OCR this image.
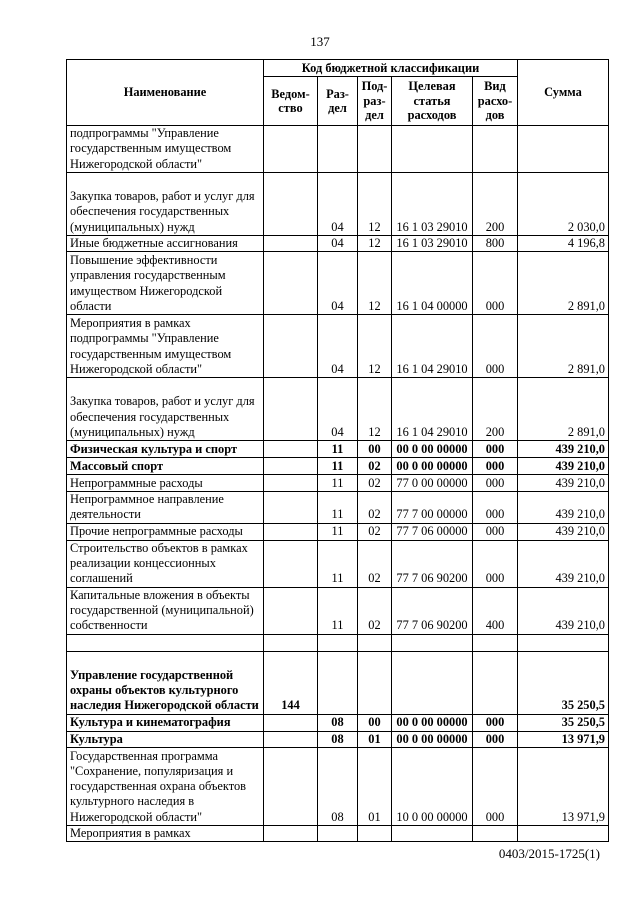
137
Наименование	Код бюджетной классификации					Сумма
	Ведом-ство	Раз-дел	Под-раз-дел	Целевая статья расходов	Вид расхо-дов	
подпрограммы "Управление государственным имуществом Нижегородской области"						
Закупка товаров, работ и услуг для обеспечения государственных (муниципальных) нужд		04	12	16 1 03 29010	200	2 030,0
Иные бюджетные ассигнования		04	12	16 1 03 29010	800	4 196,8
Повышение эффективности управления государственным имуществом Нижегородской области		04	12	16 1 04 00000	000	2 891,0
Мероприятия в рамках подпрограммы "Управление государственным имуществом Нижегородской области"		04	12	16 1 04 29010	000	2 891,0
Закупка товаров, работ и услуг для обеспечения государственных (муниципальных) нужд		04	12	16 1 04 29010	200	2 891,0
Физическая культура и спорт		11	00	00 0 00 00000	000	439 210,0
Массовый спорт		11	02	00 0 00 00000	000	439 210,0
Непрограммные расходы		11	02	77 0 00 00000	000	439 210,0
Непрограммное направление деятельности		11	02	77 7 00 00000	000	439 210,0
Прочие непрограммные расходы		11	02	77 7 06 00000	000	439 210,0
Строительство объектов в рамках реализации концессионных соглашений		11	02	77 7 06 90200	000	439 210,0
Капитальные вложения в объекты государственной (муниципальной) собственности		11	02	77 7 06 90200	400	439 210,0

Управление государственной охраны объектов культурного наследия Нижегородской области	144					35 250,5
Культура и кинематография		08	00	00 0 00 00000	000	35 250,5
Культура		08	01	00 0 00 00000	000	13 971,9
Государственная программа "Сохранение, популяризация и государственная охрана объектов культурного наследия в Нижегородской области"		08	01	10 0 00 00000	000	13 971,9
Мероприятия в рамках						
0403/2015-1725(1)
